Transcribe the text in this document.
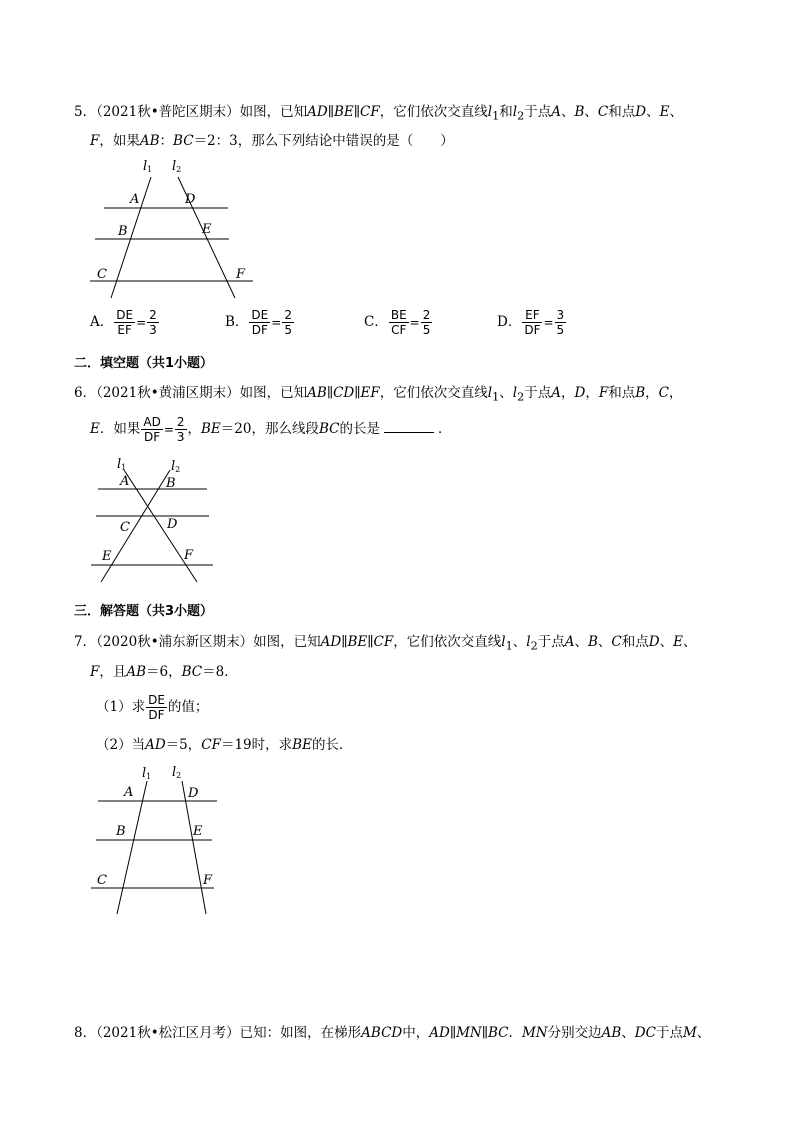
5．（2021秋•普陀区期末）如图，已知AD∥BE∥CF，它们依次交直线$l_1$和$l_2$于点A、B、C和点D、E、
F，如果AB：BC＝2：3，那么下列结论中错误的是（　　）
l1 l2
A	D
B	E
C	F
A． $\frac{DE}{EF} = \frac{2}{3}$	B． $\frac{DE}{DF} = \frac{2}{5}$	C． $\frac{BE}{CF} = \frac{2}{5}$	D． $\frac{EF}{DF} = \frac{3}{5}$
二．填空题（共1小题）
6．（2021秋•黄浦区期末）如图，已知AB∥CD∥EF，它们依次交直线$l_1$、$l_2$于点A，D，F和点B，C，
E．如果 $\frac{AD}{DF} = \frac{2}{3}$ ，BE＝20，那么线段BC的长是	．
l1	l2
A	B
C	D
E	F
三．解答题（共3小题）
7．（2020秋•浦东新区期末）如图，已知AD∥BE∥CF，它们依次交直线$l_1$、$l_2$于点A、B、C和点D、E、
F，且AB＝6，BC＝8．
（1）求 $\frac{DE}{DF}$ 的值；
（2）当AD＝5，CF＝19时，求BE的长．
l1 l2
A	D
B	E
C	F
8．（2021秋•松江区月考）已知：如图，在梯形ABCD中，AD∥MN∥BC．MN分别交边AB、DC于点M、
